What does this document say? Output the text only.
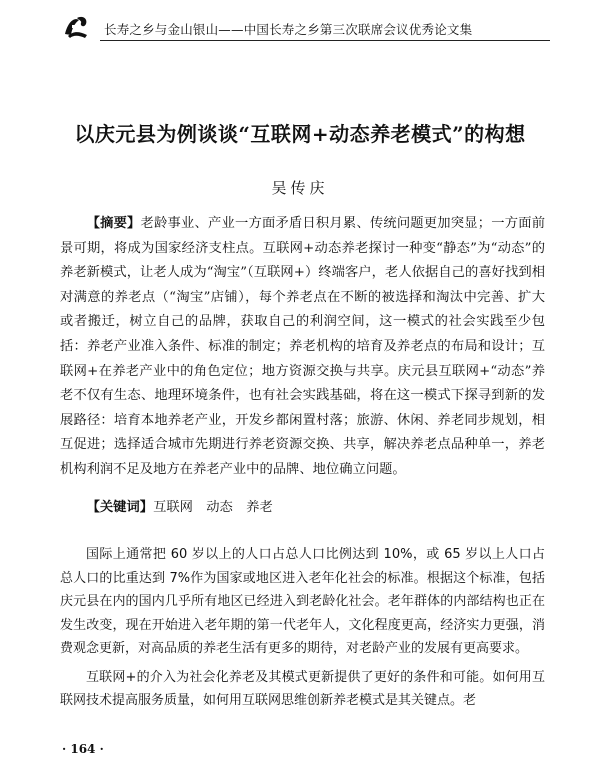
长寿之乡与金山银山——中国长寿之乡第三次联席会议优秀论文集
以庆元县为例谈谈“互联网+动态养老模式”的构想
吴传庆
【摘要】老龄事业、产业一方面矛盾日积月累、传统问题更加突显；一方面前景可期，将成为国家经济支柱点。互联网+动态养老探讨一种变“静态”为“动态”的养老新模式，让老人成为“淘宝”（互联网+）终端客户，老人依据自己的喜好找到相对满意的养老点（“淘宝”店铺），每个养老点在不断的被选择和淘汰中完善、扩大或者搬迁，树立自己的品牌，获取自己的利润空间，这一模式的社会实践至少包括：养老产业准入条件、标准的制定；养老机构的培育及养老点的布局和设计；互联网+在养老产业中的角色定位；地方资源交换与共享。庆元县互联网+“动态”养老不仅有生态、地理环境条件，也有社会实践基础，将在这一模式下探寻到新的发展路径：培育本地养老产业，开发乡都闲置村落；旅游、休闲、养老同步规划，相互促进；选择适合城市先期进行养老资源交换、共享，解决养老点品种单一，养老机构利润不足及地方在养老产业中的品牌、地位确立问题。
【关键词】互联网　动态　养老

国际上通常把 60 岁以上的人口占总人口比例达到 10%，或 65 岁以上人口占总人口的比重达到 7%作为国家或地区进入老年化社会的标准。根据这个标准，包括庆元县在内的国内几乎所有地区已经进入到老龄化社会。老年群体的内部结构也正在发生改变，现在开始进入老年期的第一代老年人，文化程度更高，经济实力更强，消费观念更新，对高品质的养老生活有更多的期待，对老龄产业的发展有更高要求。

互联网+的介入为社会化养老及其模式更新提供了更好的条件和可能。如何用互联网技术提高服务质量，如何用互联网思维创新养老模式是其关键点。老

· 164 ·
